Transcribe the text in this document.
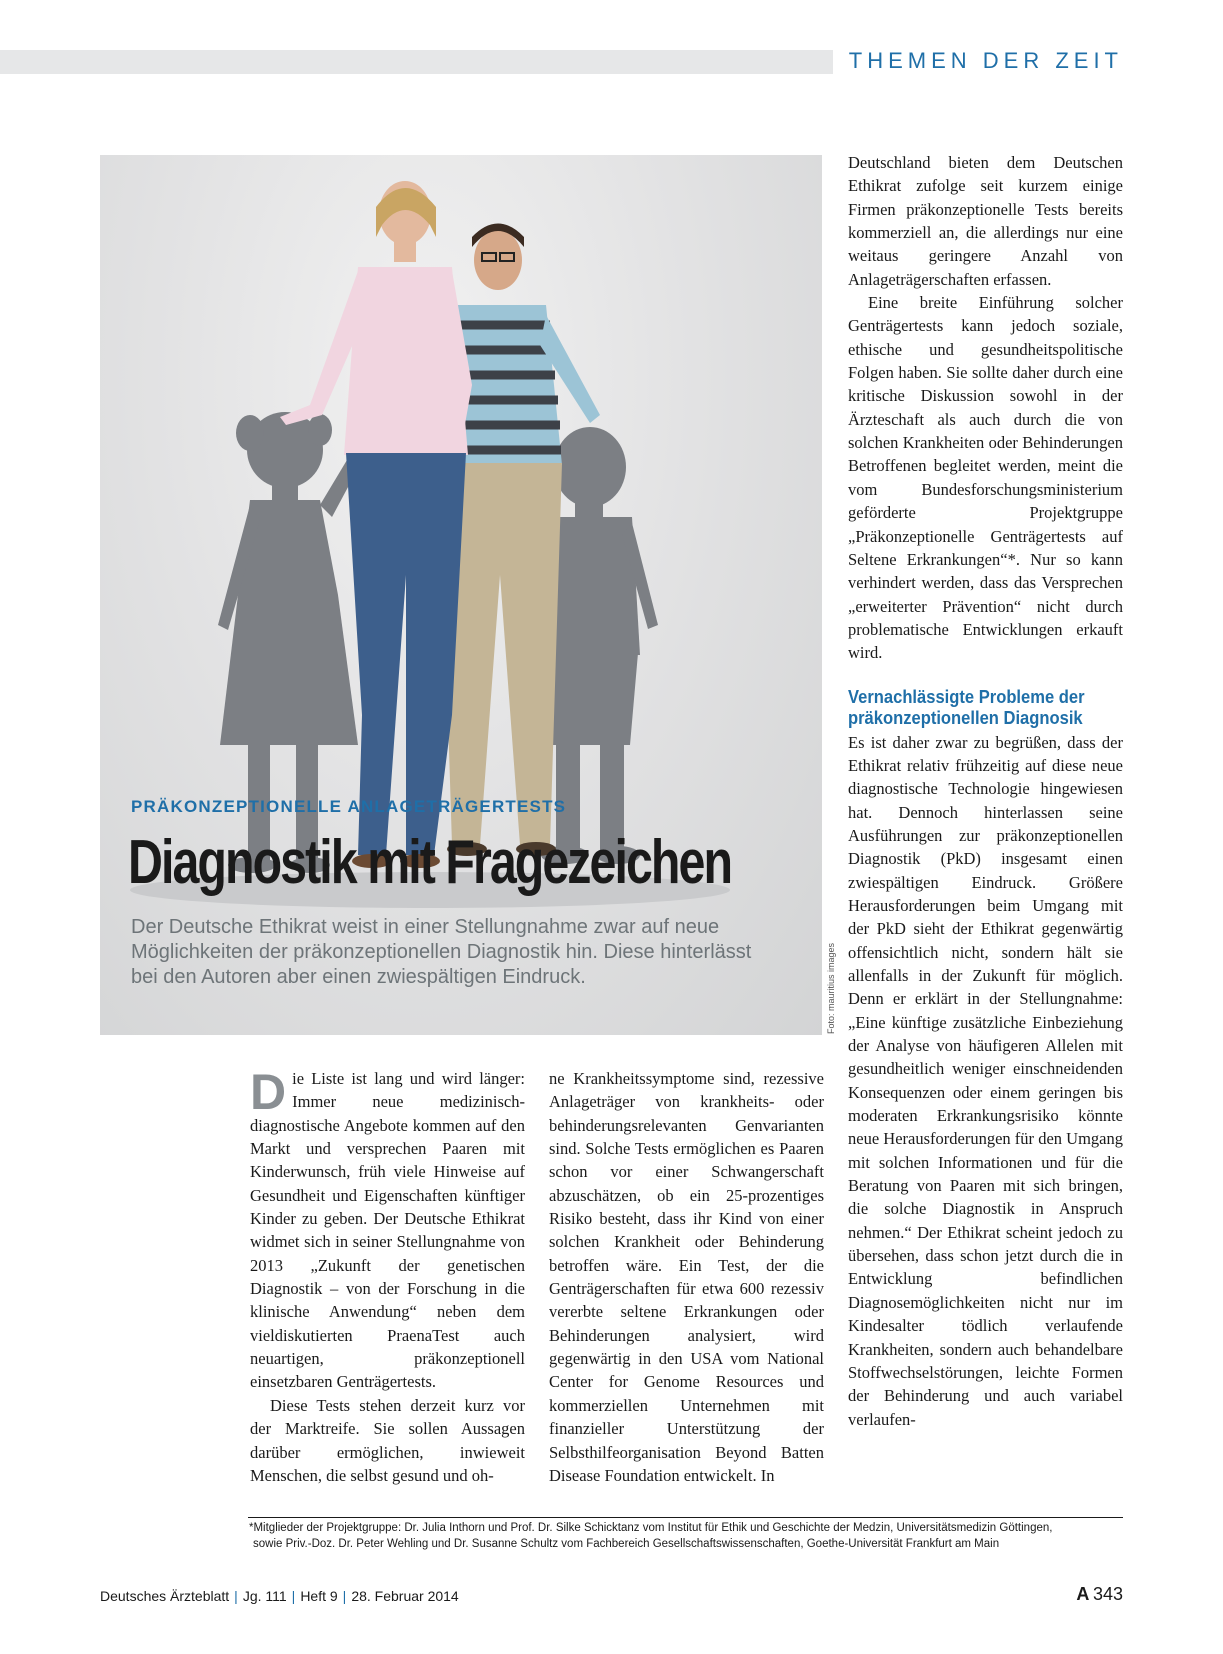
THEMEN DER ZEIT
PRÄKONZEPTIONELLE ANLAGETRÄGERTESTS
Diagnostik mit Fragezeichen
Der Deutsche Ethikrat weist in einer Stellungnahme zwar auf neue Möglichkeiten der präkonzeptionellen Diagnostik hin. Diese hinterlässt bei den Autoren aber einen zwiespältigen Eindruck.	Foto: mauritius images

Die Liste ist lang und wird länger: Immer neue medizinisch-diagnostische Angebote kommen auf den Markt und versprechen Paaren mit Kinderwunsch, früh viele Hinweise auf Gesundheit und Eigenschaften künftiger Kinder zu geben. Der Deutsche Ethikrat widmet sich in seiner Stellungnahme von 2013 „Zukunft der genetischen Diagnostik – von der Forschung in die klinische Anwendung“ neben dem vieldiskutierten PraenaTest auch neuartigen, präkonzeptionell einsetzbaren Genträgertests.

Diese Tests stehen derzeit kurz vor der Marktreife. Sie sollen Aussagen darüber ermöglichen, inwieweit Menschen, die selbst gesund und oh-

ne Krankheitssymptome sind, rezessive Anlageträger von krankheits- oder behinderungsrelevanten Genvarianten sind. Solche Tests ermöglichen es Paaren schon vor einer Schwangerschaft abzuschätzen, ob ein 25-prozentiges Risiko besteht, dass ihr Kind von einer solchen Krankheit oder Behinderung betroffen wäre. Ein Test, der die Genträgerschaften für etwa 600 rezessiv vererbte seltene Erkrankungen oder Behinderungen analysiert, wird gegenwärtig in den USA vom National Center for Genome Resources und kommerziellen Unternehmen mit finanzieller Unterstützung der Selbsthilfeorganisation Beyond Batten Disease Foundation entwickelt. In

Deutschland bieten dem Deutschen Ethikrat zufolge seit kurzem einige Firmen präkonzeptionelle Tests bereits kommerziell an, die allerdings nur eine weitaus geringere Anzahl von Anlageträgerschaften erfassen.

Eine breite Einführung solcher Genträgertests kann jedoch soziale, ethische und gesundheitspolitische Folgen haben. Sie sollte daher durch eine kritische Diskussion sowohl in der Ärzteschaft als auch durch die von solchen Krankheiten oder Behinderungen Betroffenen begleitet werden, meint die vom Bundesforschungsministerium geförderte Projektgruppe „Präkonzeptionelle Genträgertests auf Seltene Erkrankungen“*. Nur so kann verhindert werden, dass das Versprechen „erweiterter Prävention“ nicht durch problematische Entwicklungen erkauft wird.

Vernachlässigte Probleme der präkonzeptionellen Diagnosik

Es ist daher zwar zu begrüßen, dass der Ethikrat relativ frühzeitig auf diese neue diagnostische Technologie hingewiesen hat. Dennoch hinterlassen seine Ausführungen zur präkonzeptionellen Diagnostik (PkD) insgesamt einen zwiespältigen Eindruck. Größere Herausforderungen beim Umgang mit der PkD sieht der Ethikrat gegenwärtig offensichtlich nicht, sondern hält sie allenfalls in der Zukunft für möglich. Denn er erklärt in der Stellungnahme: „Eine künftige zusätzliche Einbeziehung der Analyse von häufigeren Allelen mit gesundheitlich weniger einschneidenden Konsequenzen oder einem geringen bis moderaten Erkrankungsrisiko könnte neue Herausforderungen für den Umgang mit solchen Informationen und für die Beratung von Paaren mit sich bringen, die solche Diagnostik in Anspruch nehmen.“ Der Ethikrat scheint jedoch zu übersehen, dass schon jetzt durch die in Entwicklung befindlichen Diagnosemöglichkeiten nicht nur im Kindesalter tödlich verlaufende Krankheiten, sondern auch behandelbare Stoffwechselstörungen, leichte Formen der Behinderung und auch variabel verlaufen-

*Mitglieder der Projektgruppe: Dr. Julia Inthorn und Prof. Dr. Silke Schicktanz vom Institut für Ethik und Geschichte der Medzin, Universitätsmedizin Göttingen,
sowie Priv.-Doz. Dr. Peter Wehling und Dr. Susanne Schultz vom Fachbereich Gesellschaftswissenschaften, Goethe-Universität Frankfurt am Main
Deutsches Ärzteblatt | Jg. 111 | Heft 9 | 28. Februar 2014	A  343
